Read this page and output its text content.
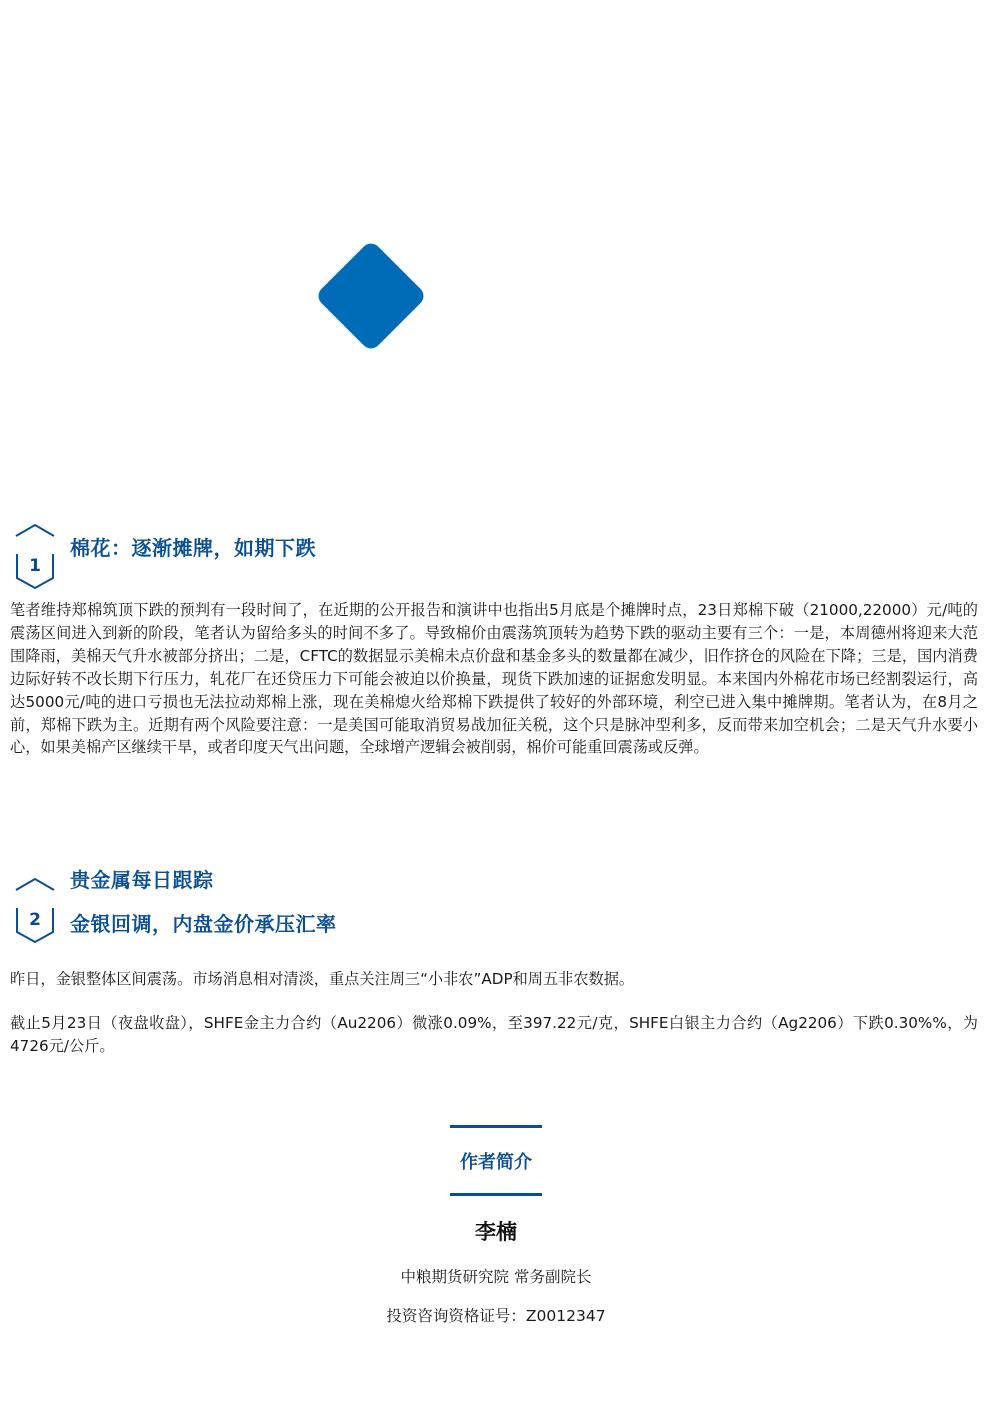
1
棉花：逐渐摊牌，如期下跌

笔者维持郑棉筑顶下跌的预判有一段时间了，在近期的公开报告和演讲中也指出5月底是个摊牌时点，23日郑棉下破（21000,22000）元/吨的震荡区间进入到新的阶段，笔者认为留给多头的时间不多了。导致棉价由震荡筑顶转为趋势下跌的驱动主要有三个：一是，本周德州将迎来大范围降雨，美棉天气升水被部分挤出；二是，CFTC的数据显示美棉未点价盘和基金多头的数量都在减少，旧作挤仓的风险在下降；三是，国内消费边际好转不改长期下行压力，轧花厂在还贷压力下可能会被迫以价换量，现货下跌加速的证据愈发明显。本来国内外棉花市场已经割裂运行，高达5000元/吨的进口亏损也无法拉动郑棉上涨，现在美棉熄火给郑棉下跌提供了较好的外部环境，利空已进入集中摊牌期。笔者认为，在8月之前，郑棉下跌为主。近期有两个风险要注意：一是美国可能取消贸易战加征关税，这个只是脉冲型利多，反而带来加空机会；二是天气升水要小心，如果美棉产区继续干旱，或者印度天气出问题，全球增产逻辑会被削弱，棉价可能重回震荡或反弹。

2
贵金属每日跟踪
金银回调，内盘金价承压汇率

昨日，金银整体区间震荡。市场消息相对清淡，重点关注周三“小非农”ADP和周五非农数据。

截止5月23日（夜盘收盘），SHFE金主力合约（Au2206）微涨0.09%，至397.22元/克，SHFE白银主力合约（Ag2206）下跌0.30%%，为4726元/公斤。

作者简介
李楠
中粮期货研究院 常务副院长
投资咨询资格证号：Z0012347
